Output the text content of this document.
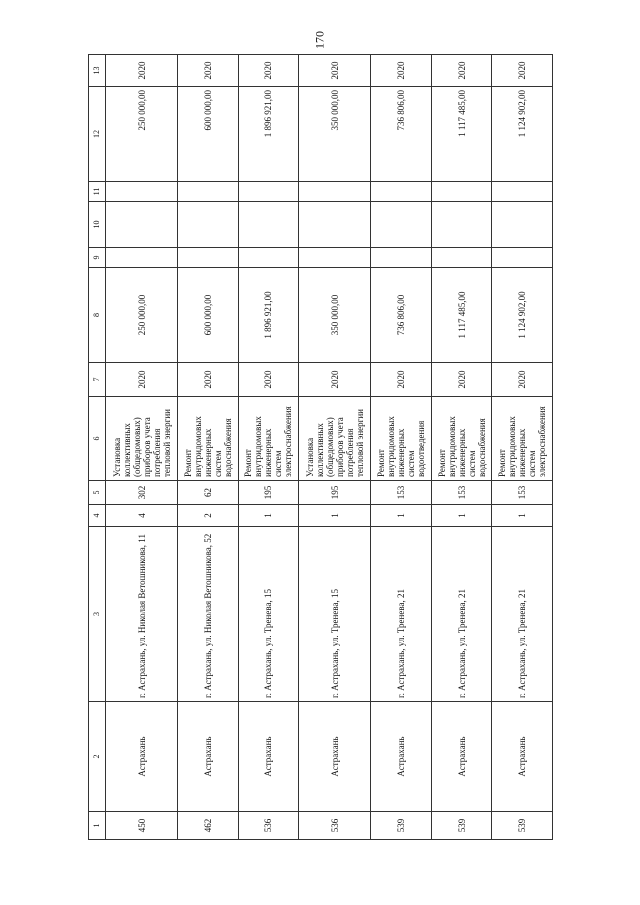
170
1	2	3	4	5	6	7	8	9	10	11	12	13
450	Астрахань	г. Астрахань, ул. Николая Ветошникова, 11	4	302	Установка коллективных (общедомовых) приборов учета потребления тепловой энергии	2020	250 000,00				250 000,00	2020
462	Астрахань	г. Астрахань, ул. Николая Ветошникова, 52	2	62	Ремонт внутридомовых инженерных систем водоснабжения	2020	600 000,00				600 000,00	2020
536	Астрахань	г. Астрахань, ул. Тренева, 15	1	195	Ремонт внутридомовых инженерных систем электроснабжения	2020	1 896 921,00				1 896 921,00	2020
536	Астрахань	г. Астрахань, ул. Тренева, 15	1	195	Установка коллективных (общедомовых) приборов учета потребления тепловой энергии	2020	350 000,00				350 000,00	2020
539	Астрахань	г. Астрахань, ул. Тренева, 21	1	153	Ремонт внутридомовых инженерных систем водоотведения	2020	736 806,00				736 806,00	2020
539	Астрахань	г. Астрахань, ул. Тренева, 21	1	153	Ремонт внутридомовых инженерных систем водоснабжения	2020	1 117 485,00				1 117 485,00	2020
539	Астрахань	г. Астрахань, ул. Тренева, 21	1	153	Ремонт внутридомовых инженерных систем электроснабжения	2020	1 124 902,00				1 124 902,00	2020
